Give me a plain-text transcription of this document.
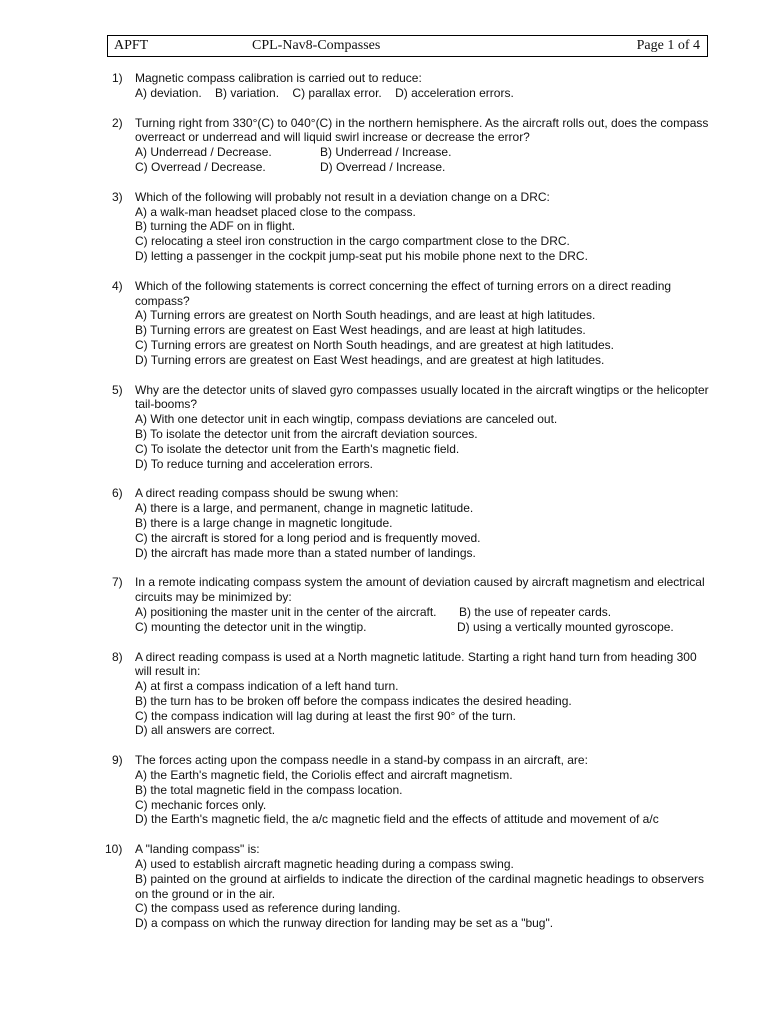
APFT	CPL-Nav8-Compasses	Page 1 of 4
1) Magnetic compass calibration is carried out to reduce:
A) deviation.    B) variation.    C) parallax error.    D) acceleration errors.
2) Turning right from 330°(C) to 040°(C) in the northern hemisphere. As the aircraft rolls out, does the compass overreact or underread and will liquid swirl increase or decrease the error?
A) Underread / Decrease.	B) Underread / Increase.
C) Overread / Decrease.	D) Overread / Increase.
3) Which of the following will probably not result in a deviation change on a DRC:
A) a walk-man headset placed close to the compass.
B) turning the ADF on in flight.
C) relocating a steel iron construction in the cargo compartment close to the DRC.
D) letting a passenger in the cockpit jump-seat put his mobile phone next to the DRC.
4) Which of the following statements is correct concerning the effect of turning errors on a direct reading compass?
A) Turning errors are greatest on North South headings, and are least at high latitudes.
B) Turning errors are greatest on East West headings, and are least at high latitudes.
C) Turning errors are greatest on North South headings, and are greatest at high latitudes.
D) Turning errors are greatest on East West headings, and are greatest at high latitudes.
5) Why are the detector units of slaved gyro compasses usually located in the aircraft wingtips or the helicopter tail-booms?
A) With one detector unit in each wingtip, compass deviations are canceled out.
B) To isolate the detector unit from the aircraft deviation sources.
C) To isolate the detector unit from the Earth's magnetic field.
D) To reduce turning and acceleration errors.
6) A direct reading compass should be swung when:
A) there is a large, and permanent, change in magnetic latitude.
B) there is a large change in magnetic longitude.
C) the aircraft is stored for a long period and is frequently moved.
D) the aircraft has made more than a stated number of landings.
7) In a remote indicating compass system the amount of deviation caused by aircraft magnetism and electrical circuits may be minimized by:
A) positioning the master unit in the center of the aircraft. B) the use of repeater cards.
C) mounting the detector unit in the wingtip.	D) using a vertically mounted gyroscope.
8) A direct reading compass is used at a North magnetic latitude. Starting a right hand turn from heading 300 will result in:
A) at first a compass indication of a left hand turn.
B) the turn has to be broken off before the compass indicates the desired heading.
C) the compass indication will lag during at least the first 90° of the turn.
D) all answers are correct.
9) The forces acting upon the compass needle in a stand-by compass in an aircraft, are:
A) the Earth's magnetic field, the Coriolis effect and aircraft magnetism.
B) the total magnetic field in the compass location.
C) mechanic forces only.
D) the Earth's magnetic field, the a/c magnetic field and the effects of attitude and movement of a/c
10) A "landing compass" is:
A) used to establish aircraft magnetic heading during a compass swing.
B) painted on the ground at airfields to indicate the direction of the cardinal magnetic headings to observers on the ground or in the air.
C) the compass used as reference during landing.
D) a compass on which the runway direction for landing may be set as a "bug".
